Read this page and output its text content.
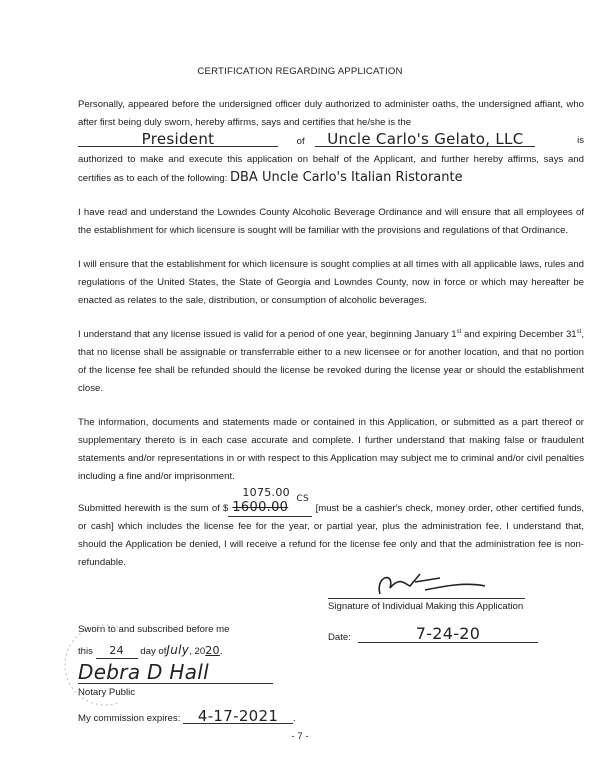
CERTIFICATION REGARDING APPLICATION
Personally, appeared before the undersigned officer duly authorized to administer oaths, the undersigned affiant, who after first being duly sworn, hereby affirms, says and certifies that he/she is the
President	of Uncle Carlo's Gelato, LLC	is

authorized to make and execute this application on behalf of the Applicant, and further hereby affirms, says and certifies as to each of the following: DBA Uncle Carlo's Italian Ristorante
I have read and understand the Lowndes County Alcoholic Beverage Ordinance and will ensure that all employees of the establishment for which licensure is sought will be familiar with the provisions and regulations of that Ordinance.
I will ensure that the establishment for which licensure is sought complies at all times with all applicable laws, rules and regulations of the United States, the State of Georgia and Lowndes County, now in force or which may hereafter be enacted as relates to the sale, distribution, or consumption of alcoholic beverages.
I understand that any license issued is valid for a period of one year, beginning January 1st and expiring December 31st, that no license shall be assignable or transferrable either to a new licensee or for another location, and that no portion of the license fee shall be refunded should the license be revoked during the license year or should the establishment close.
The information, documents and statements made or contained in this Application, or submitted as a part thereof or supplementary thereto is in each case accurate and complete. I further understand that making false or fraudulent statements and/or representations in or with respect to this Application may subject me to criminal and/or civil penalties including a fine and/or imprisonment.
Submitted herewith is the sum of $ 1600.00
1075.00 CS
[must be a cashier's check, money order, other certified funds, or cash] which includes the license fee for the year, or partial year, plus the administration fee. I understand that, should the Application be denied, I will receive a refund for the license fee only and that the administration fee is non-refundable.
Signature of Individual Making this Application
Date:	7-24-20
Sworn to and subscribed before me
this 24 day ofJuly, 2020.
Debra D Hall
Notary Public
My commission expires: 4-17-2021 .
- 7 -
